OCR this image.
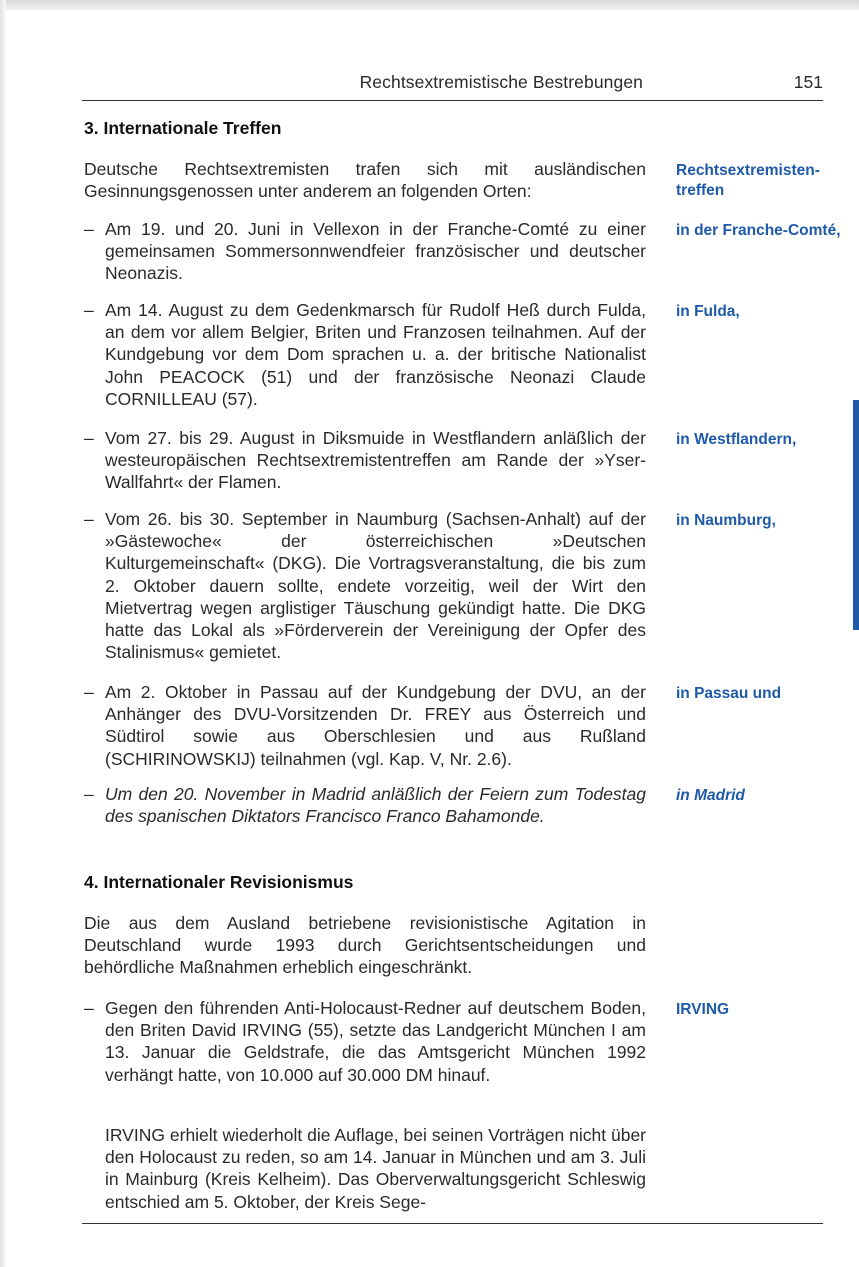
Rechtsextremistische Bestrebungen	151
3. Internationale Treffen
Deutsche Rechtsextremisten trafen sich mit ausländischen Gesinnungsgenossen unter anderem an folgenden Orten:
Rechtsextremisten-treffen
– Am 19. und 20. Juni in Vellexon in der Franche-Comté zu einer gemeinsamen Sommersonnwendfeier französischer und deutscher Neonazis.
in der Franche-Comté,
– Am 14. August zu dem Gedenkmarsch für Rudolf Heß durch Fulda, an dem vor allem Belgier, Briten und Franzosen teilnahmen. Auf der Kundgebung vor dem Dom sprachen u. a. der britische Nationalist John PEACOCK (51) und der französische Neonazi Claude CORNILLEAU (57).
in Fulda,
– Vom 27. bis 29. August in Diksmuide in Westflandern anläßlich der westeuropäischen Rechtsextremistentreffen am Rande der »Yser-Wallfahrt« der Flamen.
in Westflandern,
– Vom 26. bis 30. September in Naumburg (Sachsen-Anhalt) auf der »Gästewoche« der österreichischen »Deutschen Kulturgemeinschaft« (DKG). Die Vortragsveranstaltung, die bis zum 2. Oktober dauern sollte, endete vorzeitig, weil der Wirt den Mietvertrag wegen arglistiger Täuschung gekündigt hatte. Die DKG hatte das Lokal als »Förderverein der Vereinigung der Opfer des Stalinismus« gemietet.
in Naumburg,
– Am 2. Oktober in Passau auf der Kundgebung der DVU, an der Anhänger des DVU-Vorsitzenden Dr. FREY aus Österreich und Südtirol sowie aus Oberschlesien und aus Rußland (SCHIRINOWSKIJ) teilnahmen (vgl. Kap. V, Nr. 2.6).
in Passau und
– Um den 20. November in Madrid anläßlich der Feiern zum Todestag des spanischen Diktators Francisco Franco Bahamonde.
in Madrid
4. Internationaler Revisionismus
Die aus dem Ausland betriebene revisionistische Agitation in Deutschland wurde 1993 durch Gerichtsentscheidungen und behördliche Maßnahmen erheblich eingeschränkt.
– Gegen den führenden Anti-Holocaust-Redner auf deutschem Boden, den Briten David IRVING (55), setzte das Landgericht München I am 13. Januar die Geldstrafe, die das Amtsgericht München 1992 verhängt hatte, von 10.000 auf 30.000 DM hinauf.
IRVING
IRVING erhielt wiederholt die Auflage, bei seinen Vorträgen nicht über den Holocaust zu reden, so am 14. Januar in München und am 3. Juli in Mainburg (Kreis Kelheim). Das Oberverwaltungsgericht Schleswig entschied am 5. Oktober, der Kreis Sege-
